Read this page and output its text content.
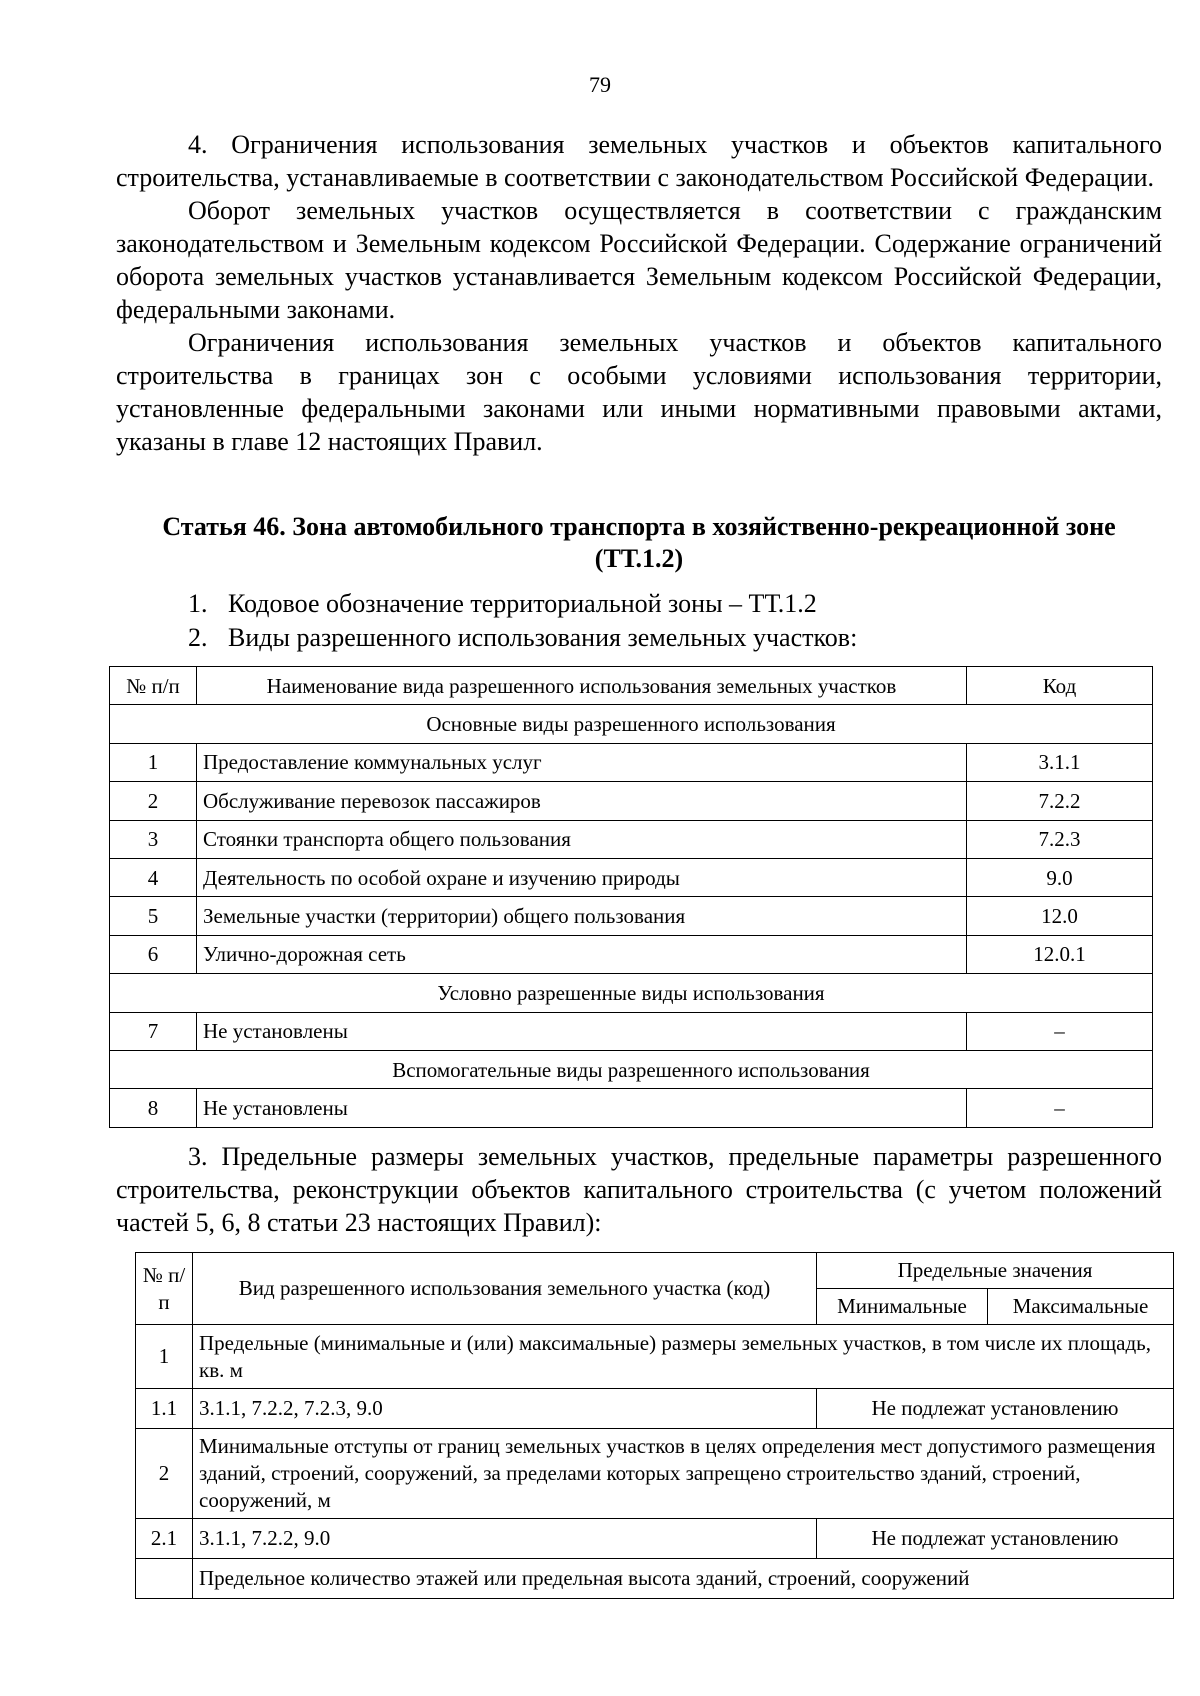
79

4. Ограничения использования земельных участков и объектов капитального строительства, устанавливаемые в соответствии с законодательством Российской Федерации.

Оборот земельных участков осуществляется в соответствии с гражданским законодательством и Земельным кодексом Российской Федерации. Содержание ограничений оборота земельных участков устанавливается Земельным кодексом Российской Федерации, федеральными законами.

Ограничения использования земельных участков и объектов капитального строительства в границах зон с особыми условиями использования территории, установленные федеральными законами или иными нормативными правовыми актами, указаны в главе 12 настоящих Правил.

Статья 46. Зона автомобильного транспорта в хозяйственно-рекреационной зоне (ТТ.1.2)

1. Кодовое обозначение территориальной зоны – ТТ.1.2

2. Виды разрешенного использования земельных участков:

№ п/п	Наименование вида разрешенного использования земельных участков	Код
Основные виды разрешенного использования		
1	Предоставление коммунальных услуг	3.1.1
2	Обслуживание перевозок пассажиров	7.2.2
3	Стоянки транспорта общего пользования	7.2.3
4	Деятельность по особой охране и изучению природы	9.0
5	Земельные участки (территории) общего пользования	12.0
6	Улично-дорожная сеть	12.0.1
Условно разрешенные виды использования		
7	Не установлены	–
Вспомогательные виды разрешенного использования		
8	Не установлены	–

3. Предельные размеры земельных участков, предельные параметры разрешенного строительства, реконструкции объектов капитального строительства (с учетом положений частей 5, 6, 8 статьи 23 настоящих Правил):

№ п/п	Вид разрешенного использования земельного участка (код)	Предельные значения	
		Минимальные	Максимальные
1	Предельные (минимальные и (или) максимальные) размеры земельных участков, в том числе их площадь, кв. м		
1.1	3.1.1, 7.2.2, 7.2.3, 9.0	Не подлежат установлению	
2	Минимальные отступы от границ земельных участков в целях определения мест допустимого размещения зданий, строений, сооружений, за пределами которых запрещено строительство зданий, строений, сооружений, м		
2.1	3.1.1, 7.2.2, 9.0	Не подлежат установлению	
	Предельное количество этажей или предельная высота зданий, строений, сооружений		
